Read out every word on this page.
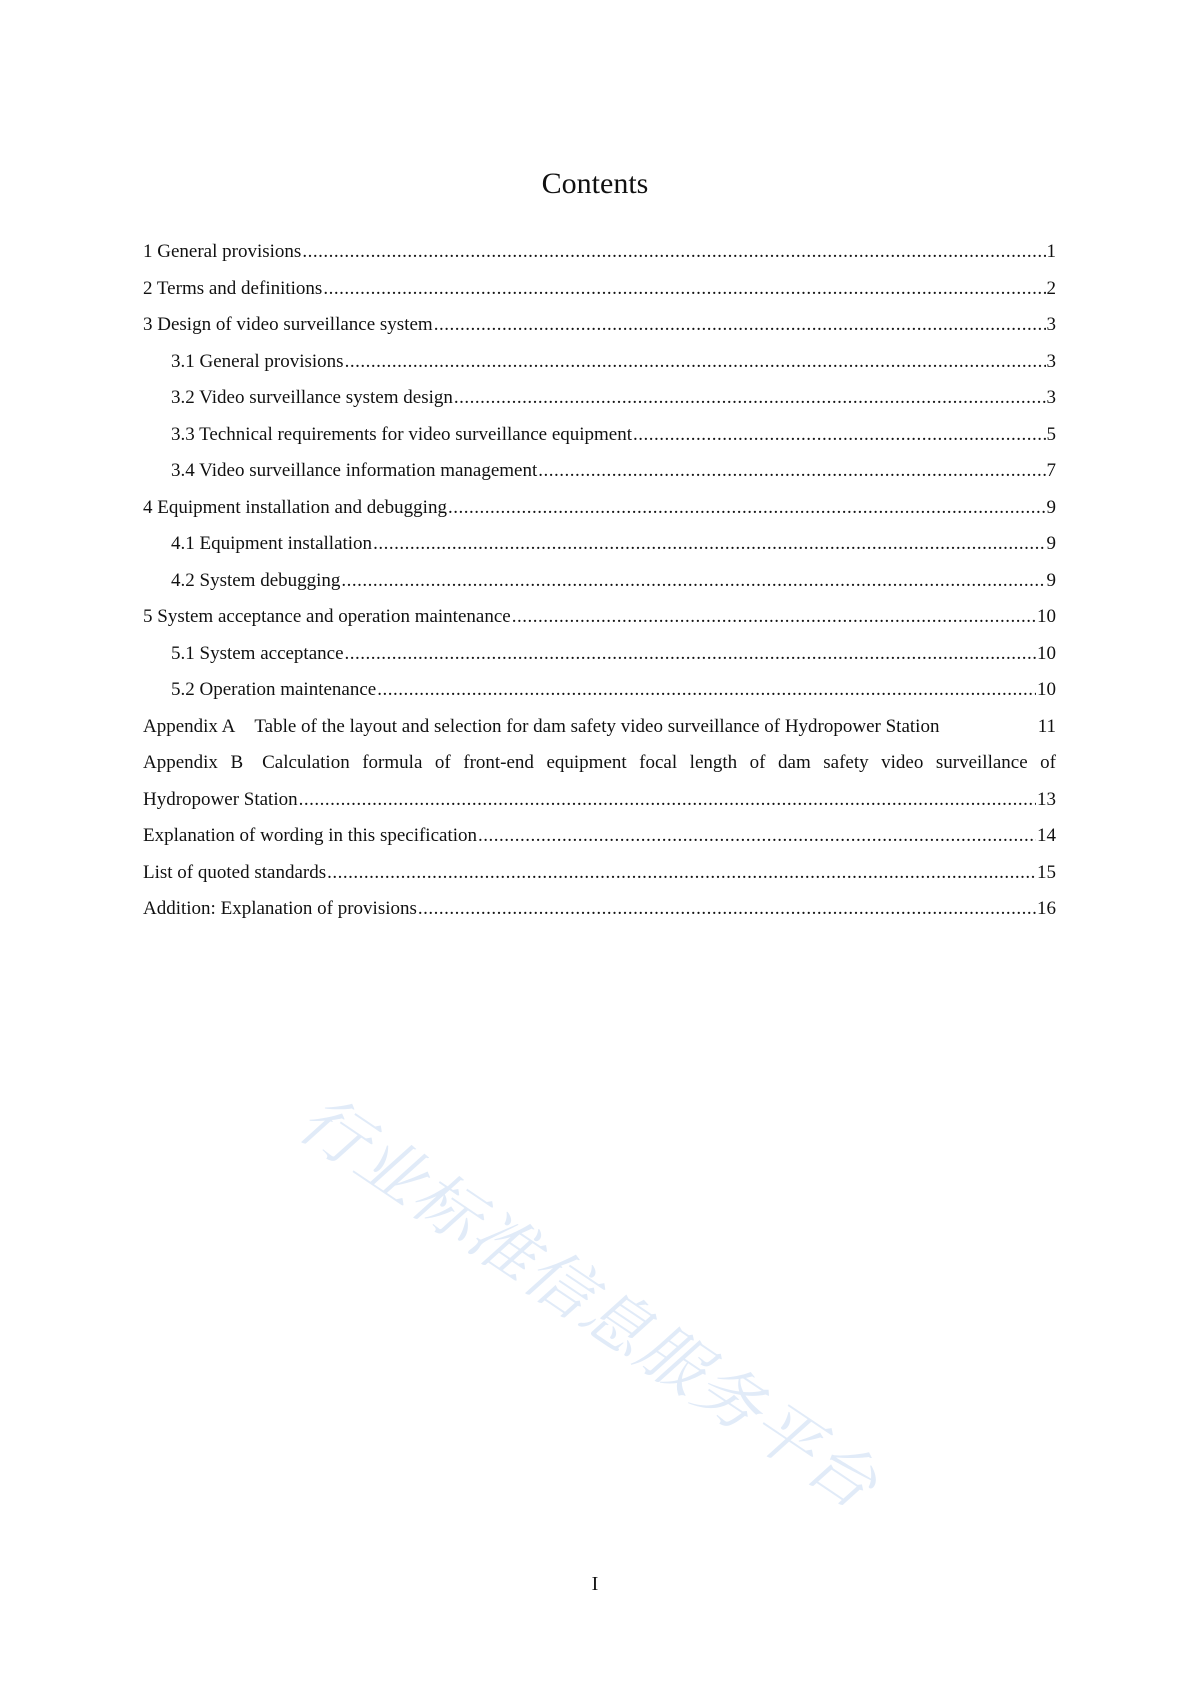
Contents
1 General provisions .....	1
2 Terms and definitions .....	2
3 Design of video surveillance system .....	3
3.1 General provisions .....	3
3.2 Video surveillance system design .....	3
3.3 Technical requirements for video surveillance equipment .....	5
3.4 Video surveillance information management .....	7
4 Equipment installation and debugging .....	9
4.1 Equipment installation .....	9
4.2 System debugging .....	9
5 System acceptance and operation maintenance .....	10
5.1 System acceptance .....	10
5.2 Operation maintenance .....	10
Appendix A Table of the layout and selection for dam safety video surveillance of Hydropower Station	11
Appendix B Calculation formula of front-end equipment focal length of dam safety video surveillance of
Hydropower Station .....	13
Explanation of wording in this specification .....	14
List of quoted standards .....	15
Addition: Explanation of provisions .....	16
行业标准信息服务平台
I
